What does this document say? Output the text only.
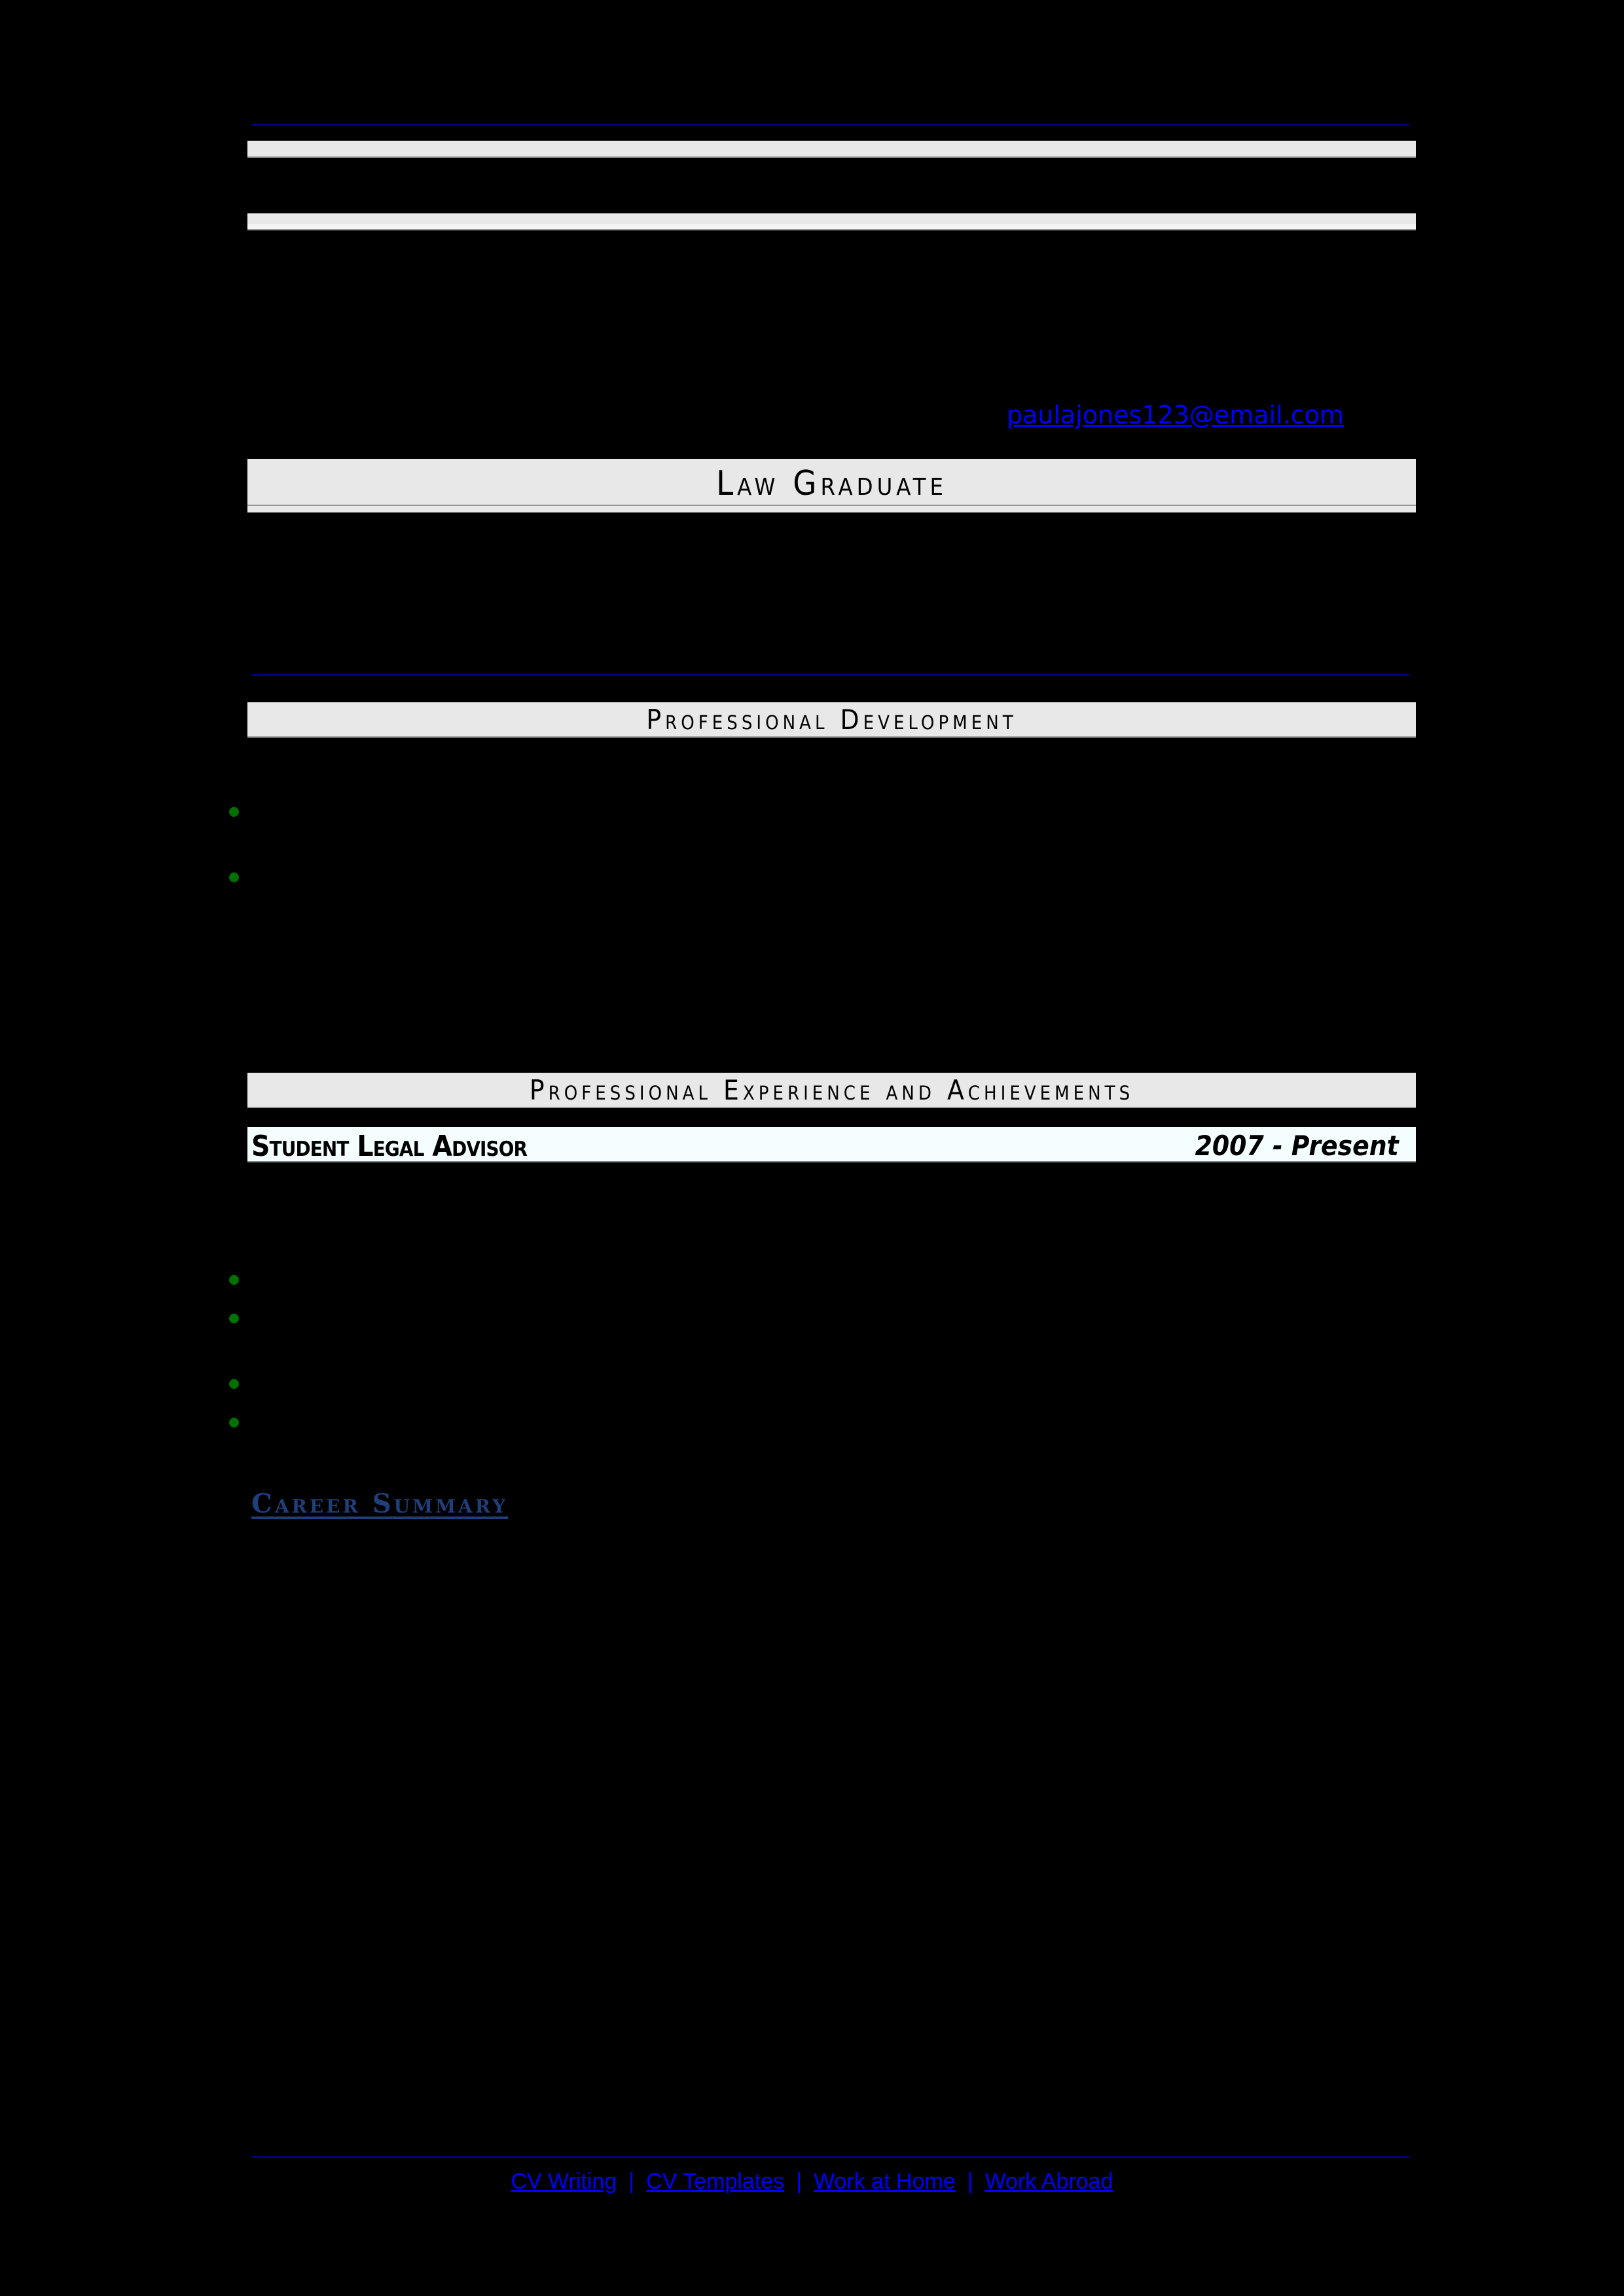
paulajones123@email.com
Law Graduate
Professional Development
Professional Experience and Achievements
Student Legal Advisor	2007 - Present
Career Summary
CV Writing | CV Templates | Work at Home | Work Abroad
